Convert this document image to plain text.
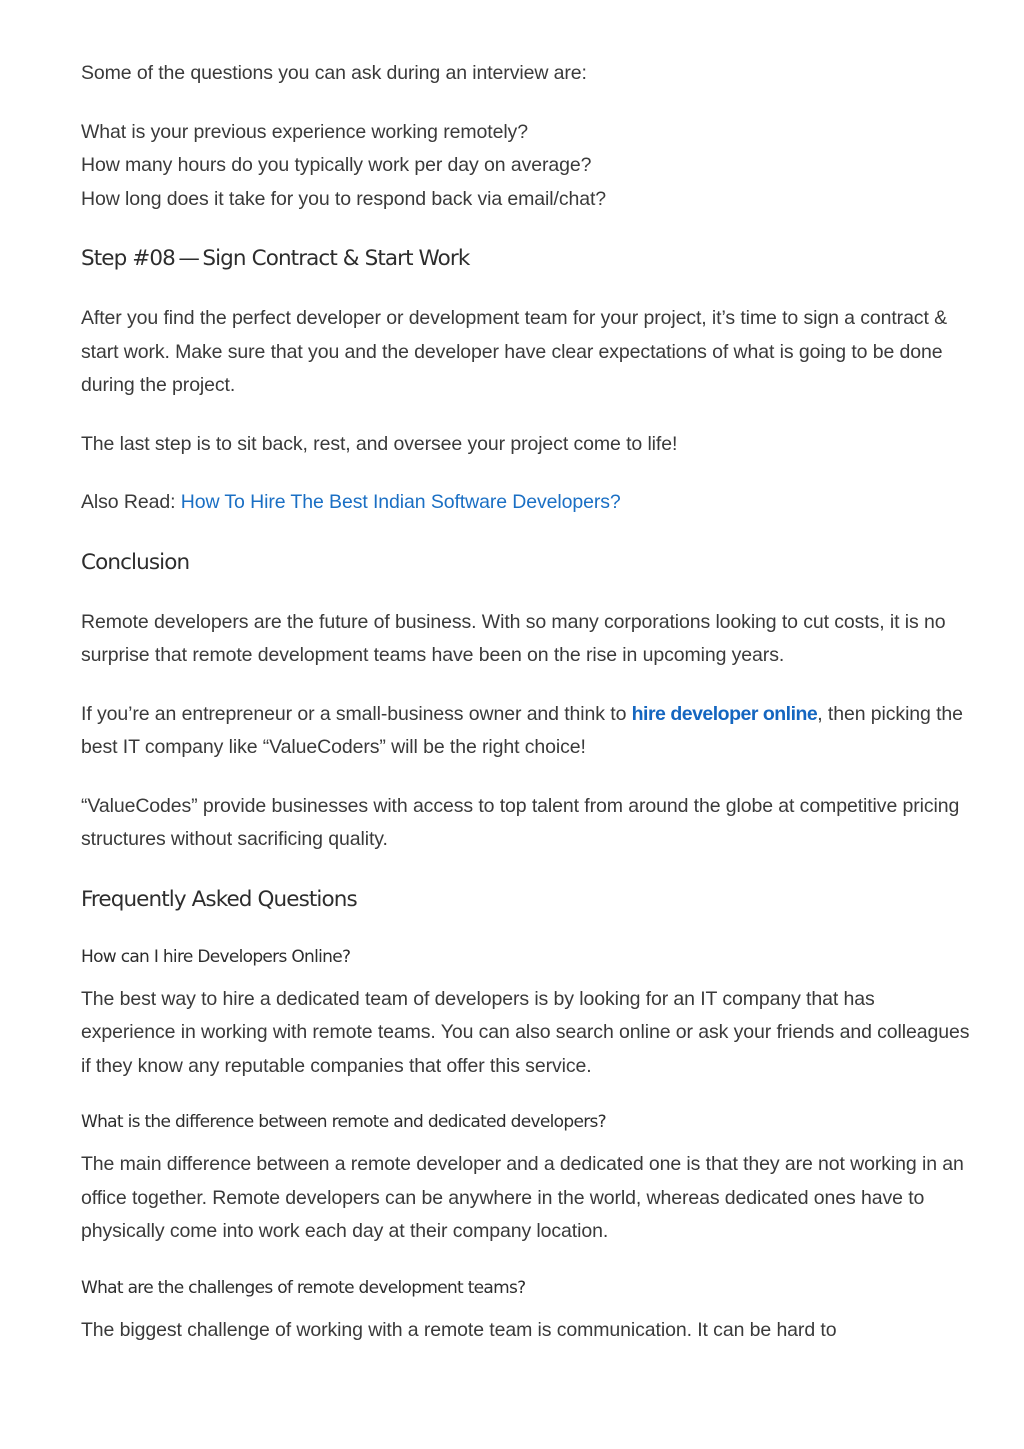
Some of the questions you can ask during an interview are:

What is your previous experience working remotely?

How many hours do you typically work per day on average?

How long does it take for you to respond back via email/chat?

Step #08 — Sign Contract & Start Work

After you find the perfect developer or development team for your project, it’s time to sign a contract & start work. Make sure that you and the developer have clear expectations of what is going to be done during the project.

The last step is to sit back, rest, and oversee your project come to life!

Also Read: How To Hire The Best Indian Software Developers?

Conclusion

Remote developers are the future of business. With so many corporations looking to cut costs, it is no surprise that remote development teams have been on the rise in upcoming years.

If you’re an entrepreneur or a small-business owner and think to hire developer online, then picking the best IT company like “ValueCoders” will be the right choice!

“ValueCodes” provide businesses with access to top talent from around the globe at competitive pricing structures without sacrificing quality.

Frequently Asked Questions
How can I hire Developers Online?

The best way to hire a dedicated team of developers is by looking for an IT company that has experience in working with remote teams. You can also search online or ask your friends and colleagues if they know any reputable companies that offer this service.

What is the difference between remote and dedicated developers?

The main difference between a remote developer and a dedicated one is that they are not working in an office together. Remote developers can be anywhere in the world, whereas dedicated ones have to physically come into work each day at their company location.

What are the challenges of remote development teams?

The biggest challenge of working with a remote team is communication. It can be hard to
